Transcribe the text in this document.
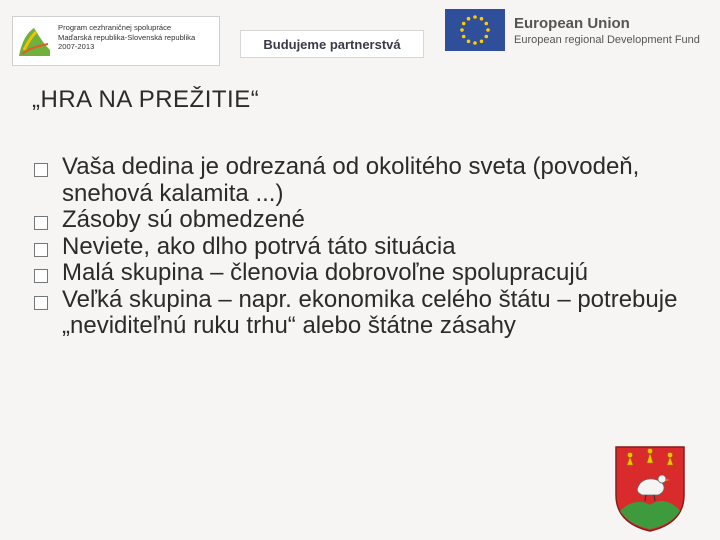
Program cezhraničnej spolupráce
Maďarská republika-Slovenská republika
2007-2013	Budujeme partnerstvá
European Union
European regional Development Fund
„HRA NA PREŽITIE“
Vaša dedina je odrezaná od okolitého sveta (povodeň, snehová kalamita ...)
Zásoby sú obmedzené
Neviete, ako dlho potrvá táto situácia
Malá skupina – členovia dobrovoľne spolupracujú
Veľká skupina – napr. ekonomika celého štátu – potrebuje „neviditeľnú ruku trhu“ alebo štátne zásahy
